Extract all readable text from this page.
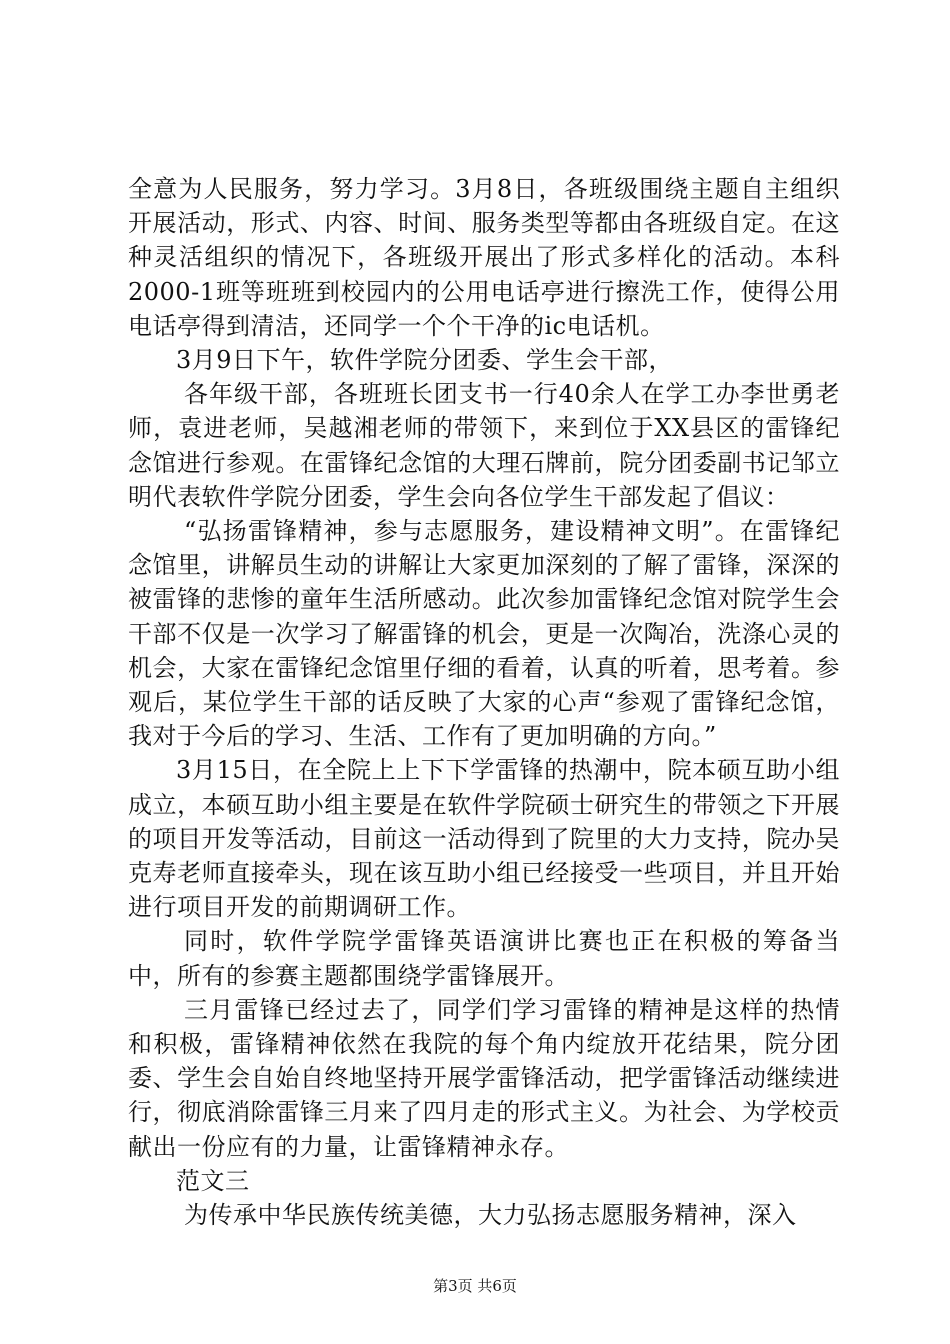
全意为人民服务，努力学习。3月8日，各班级围绕主题自主组织开展活动，形式、内容、时间、服务类型等都由各班级自定。在这种灵活组织的情况下，各班级开展出了形式多样化的活动。本科2000-1班等班班到校园内的公用电话亭进行擦洗工作，使得公用电话亭得到清洁，还同学一个个干净的ic电话机。

3月9日下午，软件学院分团委、学生会干部，

各年级干部，各班班长团支书一行40余人在学工办李世勇老师，袁进老师，吴越湘老师的带领下，来到位于XX县区的雷锋纪念馆进行参观。在雷锋纪念馆的大理石牌前，院分团委副书记邹立明代表软件学院分团委，学生会向各位学生干部发起了倡议：

“弘扬雷锋精神，参与志愿服务，建设精神文明”。在雷锋纪念馆里，讲解员生动的讲解让大家更加深刻的了解了雷锋，深深的被雷锋的悲惨的童年生活所感动。此次参加雷锋纪念馆对院学生会干部不仅是一次学习了解雷锋的机会，更是一次陶冶，洗涤心灵的机会，大家在雷锋纪念馆里仔细的看着，认真的听着，思考着。参观后，某位学生干部的话反映了大家的心声“参观了雷锋纪念馆，我对于今后的学习、生活、工作有了更加明确的方向。”

3月15日，在全院上上下下学雷锋的热潮中，院本硕互助小组成立，本硕互助小组主要是在软件学院硕士研究生的带领之下开展的项目开发等活动，目前这一活动得到了院里的大力支持，院办吴克寿老师直接牵头，现在该互助小组已经接受一些项目，并且开始进行项目开发的前期调研工作。

同时，软件学院学雷锋英语演讲比赛也正在积极的筹备当中，所有的参赛主题都围绕学雷锋展开。

三月雷锋已经过去了，同学们学习雷锋的精神是这样的热情和积极，雷锋精神依然在我院的每个角内绽放开花结果，院分团委、学生会自始自终地坚持开展学雷锋活动，把学雷锋活动继续进行，彻底消除雷锋三月来了四月走的形式主义。为社会、为学校贡献出一份应有的力量，让雷锋精神永存。

范文三

为传承中华民族传统美德，大力弘扬志愿服务精神，深入

第3页 共6页
